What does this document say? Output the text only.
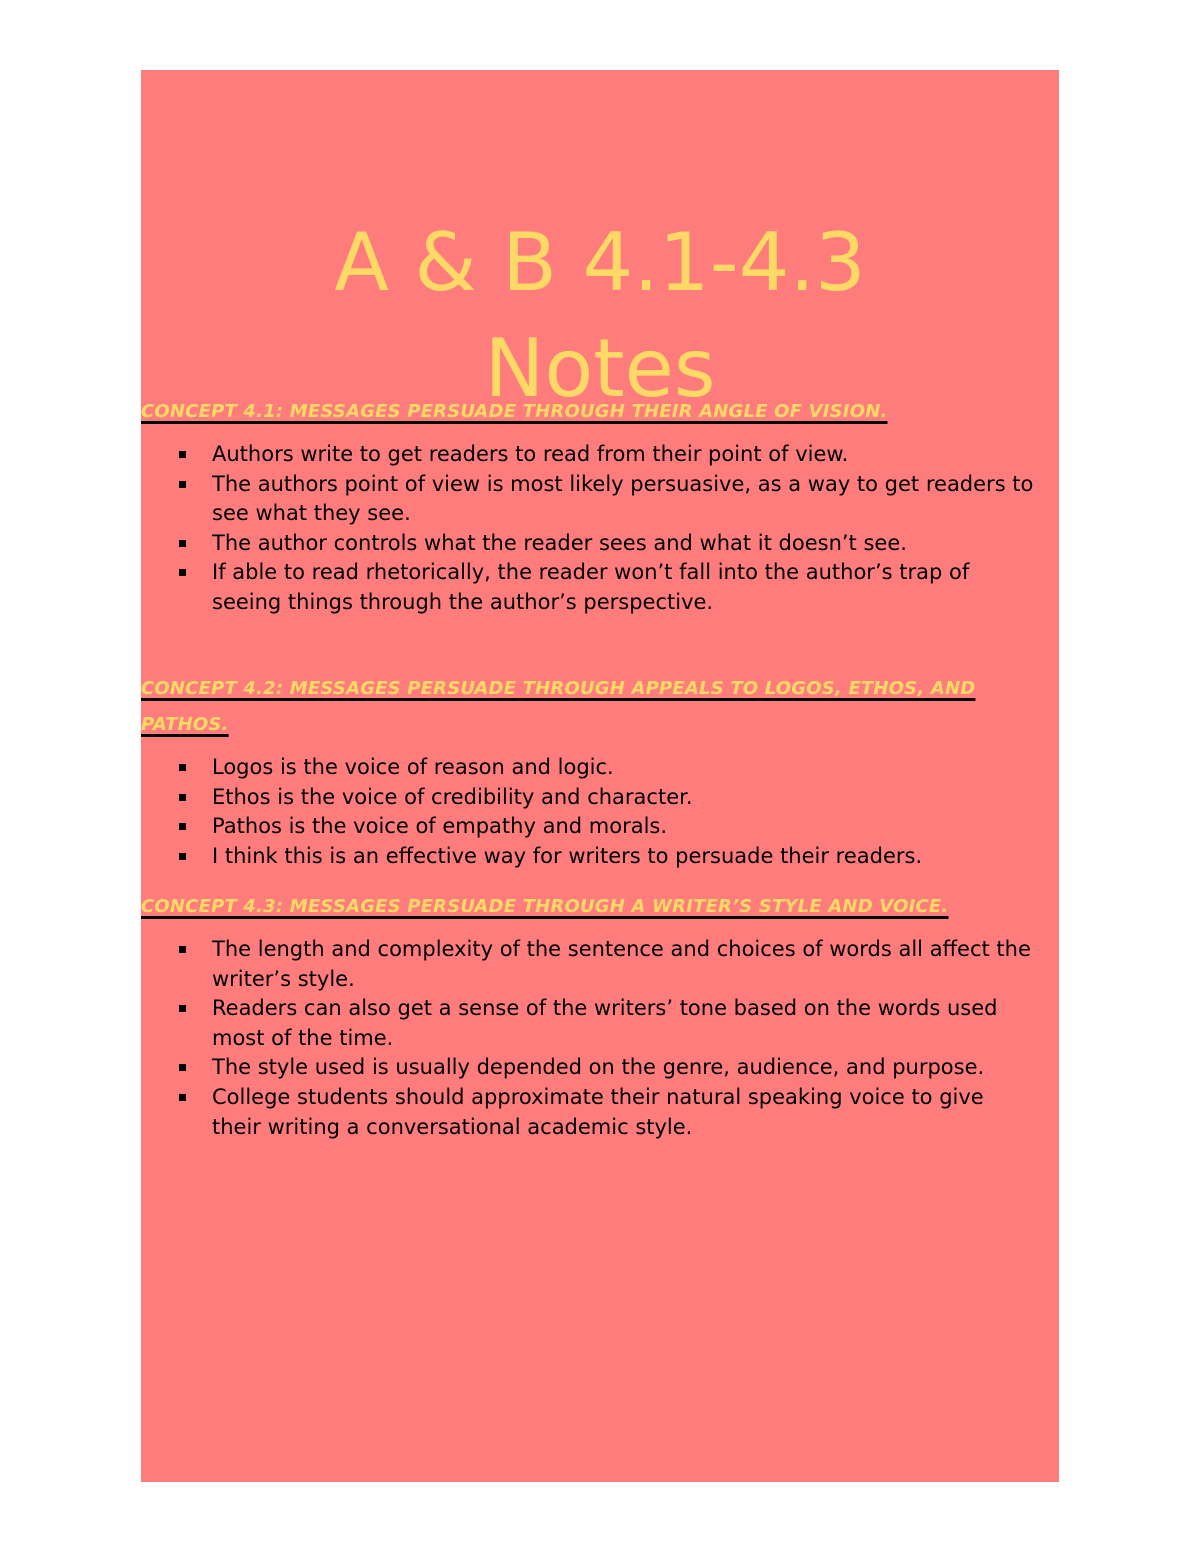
A & B 4.1-4.3
Notes
CONCEPT 4.1: MESSAGES PERSUADE THROUGH THEIR ANGLE OF VISION.
Authors write to get readers to read from their point of view.
The authors point of view is most likely persuasive, as a way to get readers to see what they see.
The author controls what the reader sees and what it doesn’t see.
If able to read rhetorically, the reader won’t fall into the author’s trap of seeing things through the author’s perspective.
CONCEPT 4.2: MESSAGES PERSUADE THROUGH APPEALS TO LOGOS, ETHOS, AND PATHOS.
Logos is the voice of reason and logic.
Ethos is the voice of credibility and character.
Pathos is the voice of empathy and morals.
I think this is an effective way for writers to persuade their readers.
CONCEPT 4.3: MESSAGES PERSUADE THROUGH A WRITER’S STYLE AND VOICE.
The length and complexity of the sentence and choices of words all affect the writer’s style.
Readers can also get a sense of the writers’ tone based on the words used most of the time.
The style used is usually depended on the genre, audience, and purpose.
College students should approximate their natural speaking voice to give their writing a conversational academic style.
